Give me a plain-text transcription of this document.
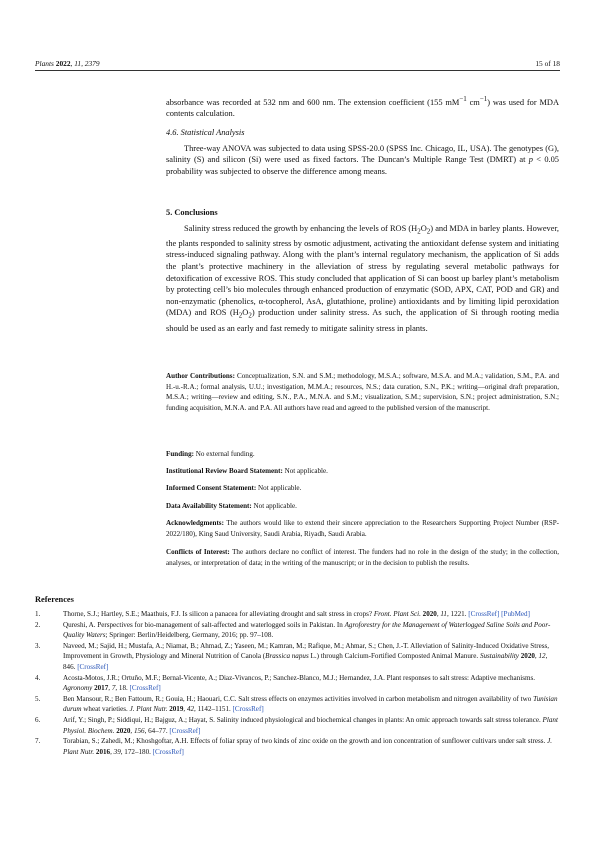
Plants 2022, 11, 2379	15 of 18

absorbance was recorded at 532 nm and 600 nm. The extension coefficient (155 $mM^{-1}$ $cm^{-1}$) was used for MDA contents calculation.

4.6. Statistical Analysis

Three-way ANOVA was subjected to data using SPSS-20.0 (SPSS Inc. Chicago, IL, USA). The genotypes (G), salinity (S) and silicon (Si) were used as fixed factors. The Duncan’s Multiple Range Test (DMRT) at p < 0.05 probability was subjected to observe the difference among means.

5. Conclusions

Salinity stress reduced the growth by enhancing the levels of ROS $(H_2O_2)$ and MDA in barley plants. However, the plants responded to salinity stress by osmotic adjustment, activating the antioxidant defense system and initiating stress-induced signaling pathway. Along with the plant’s internal regulatory mechanism, the application of Si adds the plant’s protective machinery in the alleviation of stress by regulating several metabolic pathways for detoxification of excessive ROS. This study concluded that application of Si can boost up barley plant’s metabolism by protecting cell’s bio molecules through enhanced production of enzymatic (SOD, APX, CAT, POD and GR) and non-enzymatic (phenolics, α-tocopherol, AsA, glutathione, proline) antioxidants and by limiting lipid peroxidation (MDA) and ROS $(H_2O_2)$ production under salinity stress. As such, the application of Si through rooting media should be used as an early and fast remedy to mitigate salinity stress in plants.

Author Contributions: Conceptualization, S.N. and S.M.; methodology, M.S.A.; software, M.S.A. and M.A.; validation, S.M., P.A. and H.-u.-R.A.; formal analysis, U.U.; investigation, M.M.A.; resources, N.S.; data curation, S.N., P.K.; writing—original draft preparation, M.S.A.; writing—review and editing, S.N., P.A., M.N.A. and S.M.; visualization, S.M.; supervision, S.N.; project administration, S.N.; funding acquisition, M.N.A. and P.A. All authors have read and agreed to the published version of the manuscript.
Funding: No external funding.
Institutional Review Board Statement: Not applicable.
Informed Consent Statement: Not applicable.
Data Availability Statement: Not applicable.
Acknowledgments: The authors would like to extend their sincere appreciation to the Researchers Supporting Project Number (RSP-2022/180), King Saud University, Saudi Arabia, Riyadh, Saudi Arabia.
Conflicts of Interest: The authors declare no conflict of interest. The funders had no role in the design of the study; in the collection, analyses, or interpretation of data; in the writing of the manuscript; or in the decision to publish the results.
References

1.	Thorne, S.J.; Hartley, S.E.; Maathuis, F.J. Is silicon a panacea for alleviating drought and salt stress in crops? Front. Plant Sci. 2020, 11, 1221. [CrossRef] [PubMed]

2.	Qureshi, A. Perspectives for bio-management of salt-affected and waterlogged soils in Pakistan. In Agroforestry for the Management of Waterlogged Saline Soils and Poor-Quality Waters; Springer: Berlin/Heidelberg, Germany, 2016; pp. 97–108.

3.	Naveed, M.; Sajid, H.; Mustafa, A.; Niamat, B.; Ahmad, Z.; Yaseen, M.; Kamran, M.; Rafique, M.; Ahmar, S.; Chen, J.-T. Alleviation of Salinity-Induced Oxidative Stress, Improvement in Growth, Physiology and Mineral Nutrition of Canola (Brassica napus L.) through Calcium-Fortified Composted Animal Manure. Sustainability 2020, 12, 846. [CrossRef]

4.	Acosta-Motos, J.R.; Ortuño, M.F.; Bernal-Vicente, A.; Diaz-Vivancos, P.; Sanchez-Blanco, M.J.; Hernandez, J.A. Plant responses to salt stress: Adaptive mechanisms. Agronomy 2017, 7, 18. [CrossRef]

5.	Ben Mansour, R.; Ben Fattoum, R.; Gouia, H.; Haouari, C.C. Salt stress effects on enzymes activities involved in carbon metabolism and nitrogen availability of two Tunisian durum wheat varieties. J. Plant Nutr. 2019, 42, 1142–1151. [CrossRef]

6.	Arif, Y.; Singh, P.; Siddiqui, H.; Bajguz, A.; Hayat, S. Salinity induced physiological and biochemical changes in plants: An omic approach towards salt stress tolerance. Plant Physiol. Biochem. 2020, 156, 64–77. [CrossRef]

7.	Torabian, S.; Zahedi, M.; Khoshgoftar, A.H. Effects of foliar spray of two kinds of zinc oxide on the growth and ion concentration of sunflower cultivars under salt stress. J. Plant Nutr. 2016, 39, 172–180. [CrossRef]
